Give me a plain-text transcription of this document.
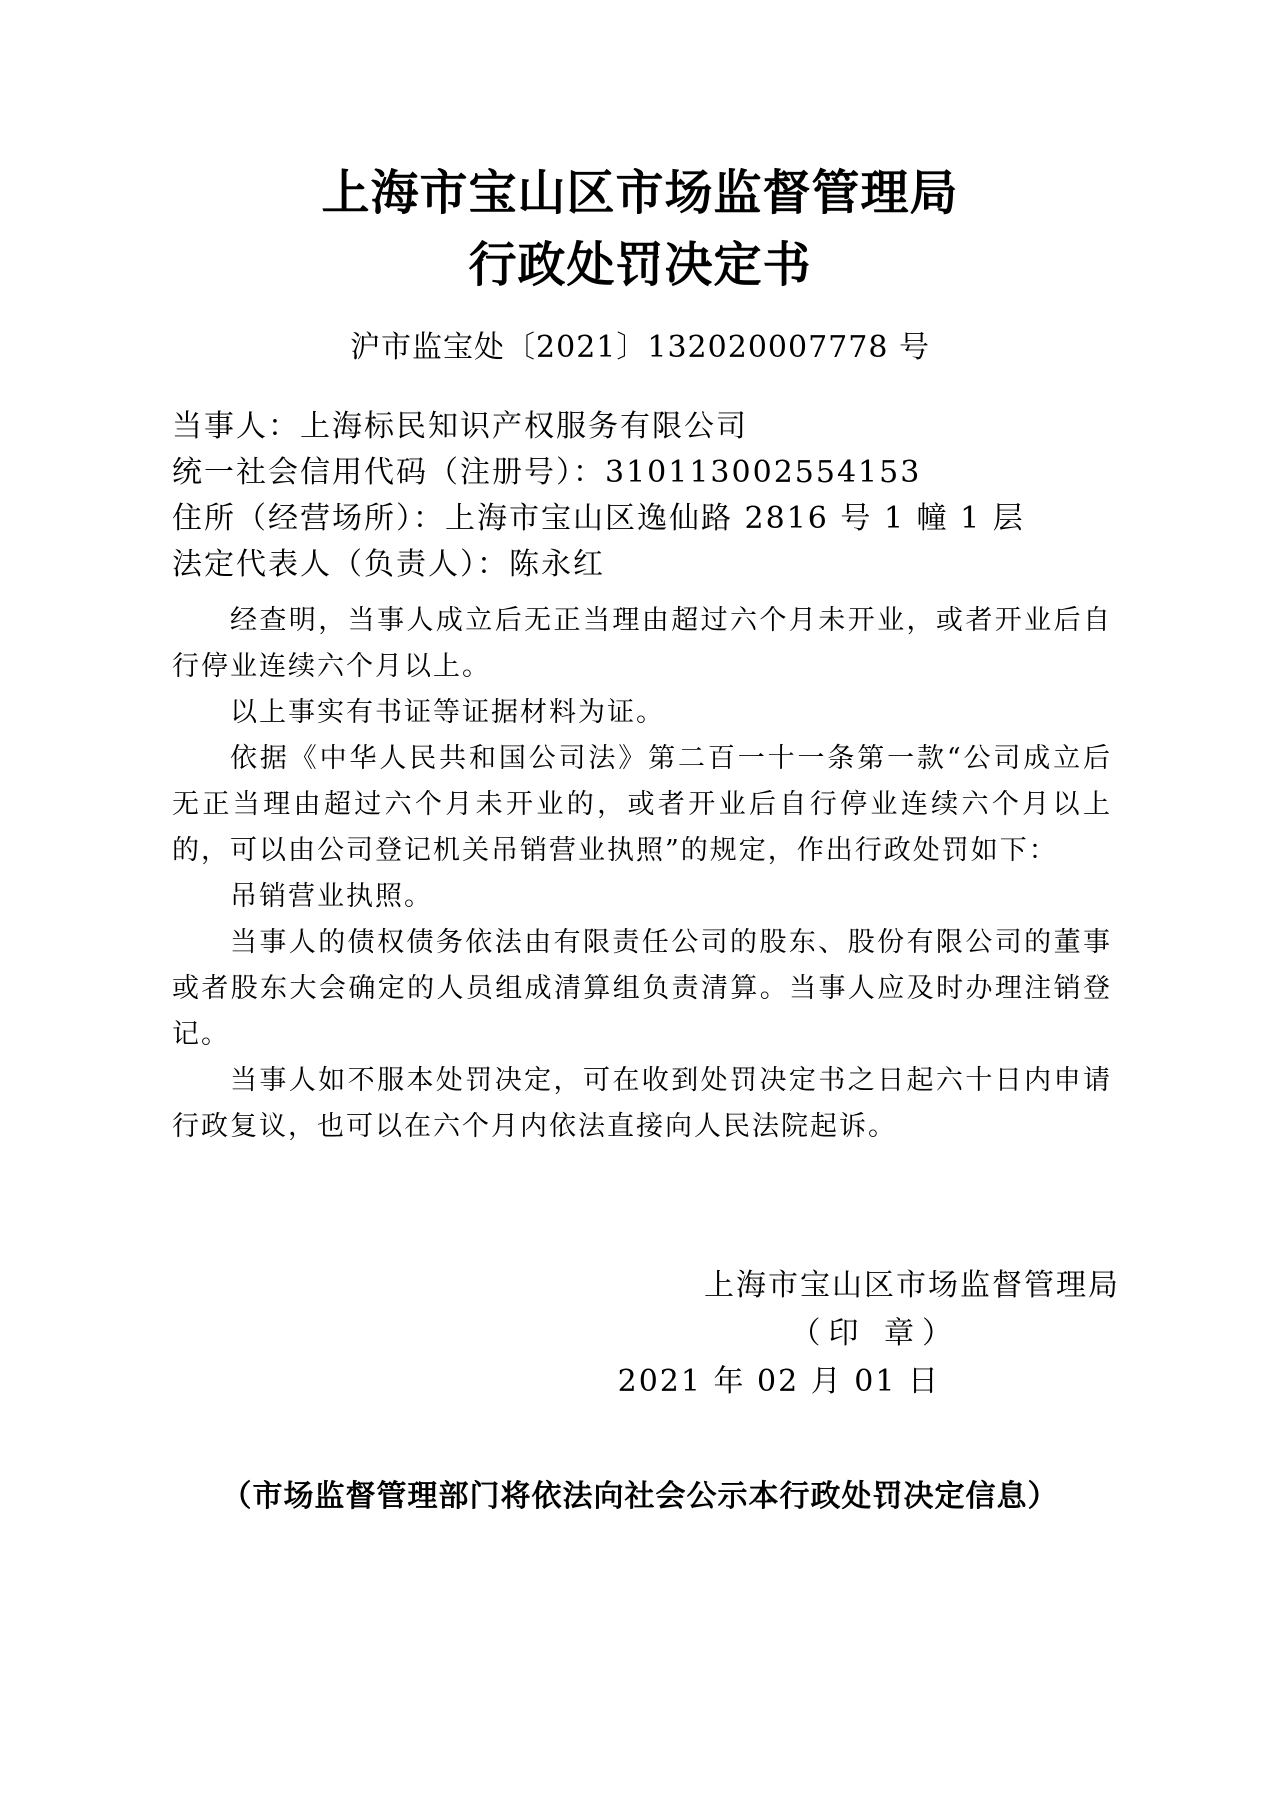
上海市宝山区市场监督管理局
行政处罚决定书
沪市监宝处〔2021〕132020007778 号
当事人：上海标民知识产权服务有限公司
统一社会信用代码（注册号）：310113002554153
住所（经营场所）：上海市宝山区逸仙路 2816 号 1 幢 1 层
法定代表人（负责人）：陈永红

经查明，当事人成立后无正当理由超过六个月未开业，或者开业后自行停业连续六个月以上。

以上事实有书证等证据材料为证。

依据《中华人民共和国公司法》第二百一十一条第一款“公司成立后无正当理由超过六个月未开业的，或者开业后自行停业连续六个月以上的，可以由公司登记机关吊销营业执照”的规定，作出行政处罚如下：

吊销营业执照。

当事人的债权债务依法由有限责任公司的股东、股份有限公司的董事或者股东大会确定的人员组成清算组负责清算。当事人应及时办理注销登记。

当事人如不服本处罚决定，可在收到处罚决定书之日起六十日内申请行政复议，也可以在六个月内依法直接向人民法院起诉。

上海市宝山区市场监督管理局
（印 章）
2021 年 02 月 01 日
（市场监督管理部门将依法向社会公示本行政处罚决定信息）
